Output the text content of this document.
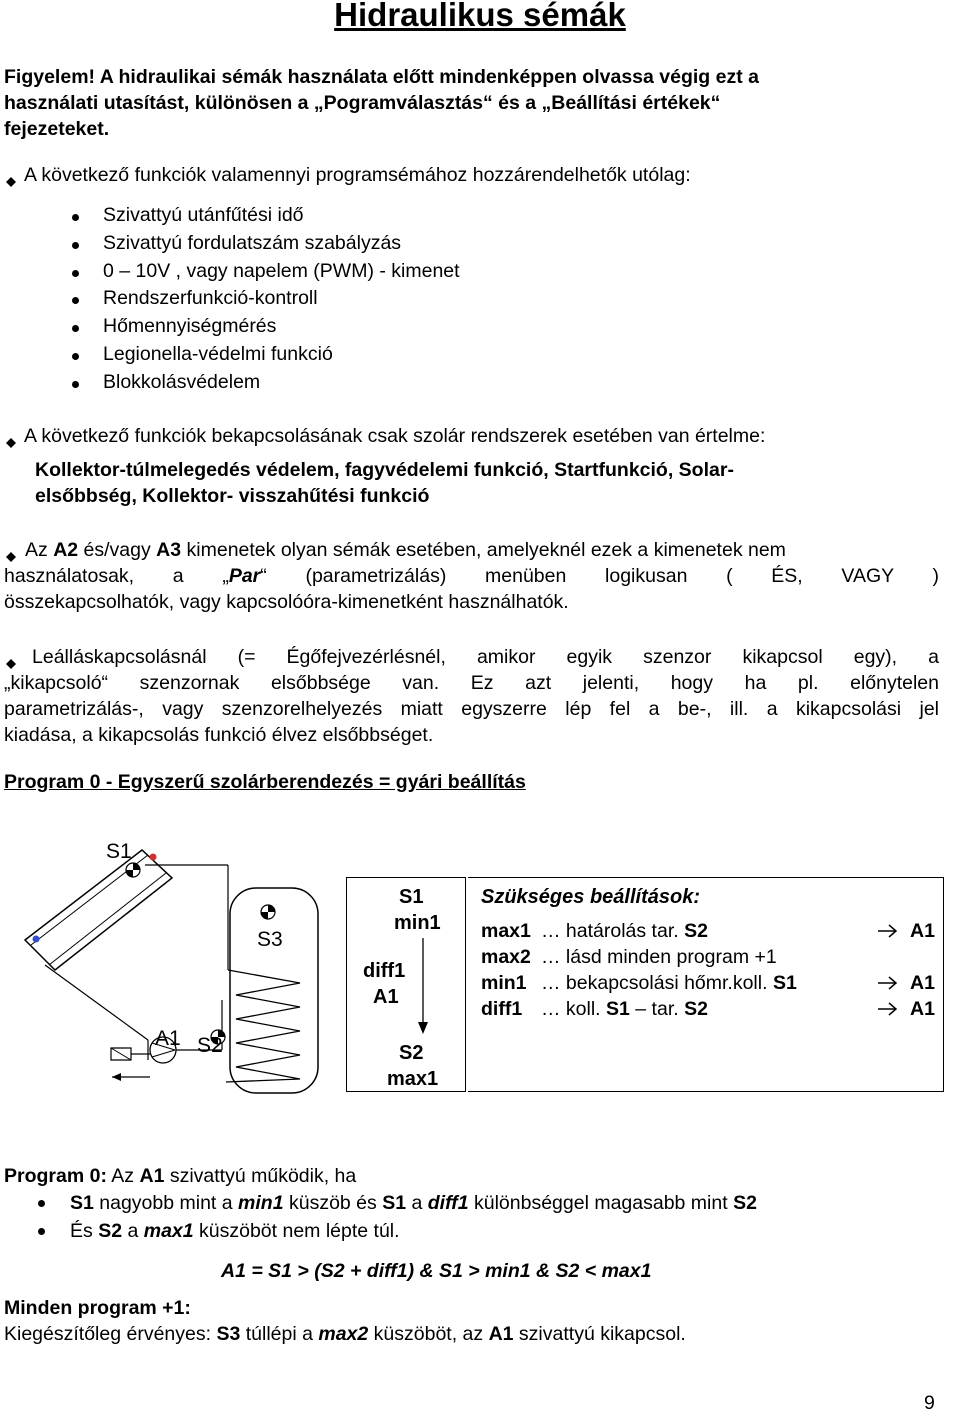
Hidraulikus sémák
Figyelem! A hidraulikai sémák használata előtt mindenképpen olvassa végig ezt a
használati utasítást, különösen a „Pogramválasztás“ és a „Beállítási értékek“
fejezeteket.
A következő funkciók valamennyi programsémához hozzárendelhetők utólag:
Szivattyú utánfűtési idő
Szivattyú fordulatszám szabályzás
0 – 10V , vagy napelem (PWM) - kimenet
Rendszerfunkció-kontroll
Hőmennyiségmérés
Legionella-védelmi funkció
Blokkolásvédelem
A következő funkciók bekapcsolásának csak szolár rendszerek esetében van értelme:
Kollektor-túlmelegedés védelem, fagyvédelemi funkció, Startfunkció, Solar-
elsőbbség, Kollektor- visszahűtési funkció
Az A2 és/vagy A3 kimenetek olyan sémák esetében, amelyeknél ezek a kimenetek nem
használatosak, a „Par“ (parametrizálás) menüben logikusan ( ÉS, VAGY )
összekapcsolhatók, vagy kapcsolóóra-kimenetként használhatók.
Leálláskapcsolásnál (= Égőfejvezérlésnél, amikor egyik szenzor kikapcsol egy), a
„kikapcsoló“ szenzornak elsőbbsége van. Ez azt jelenti, hogy ha pl. előnytelen
parametrizálás-, vagy szenzorelhelyezés miatt egyszerre lép fel a be-, ill. a kikapcsolási jel
kiadása, a kikapcsolás funkció élvez elsőbbséget.
Program 0 - Egyszerű szolárberendezés = gyári beállítás
S1
S3
A1 S2
S1
min1
diff1
A1
S2
max1
Szükséges beállítások:
max1 … határolás tar. S2
max2 … lásd minden program +1
min1 … bekapcsolási hőmr.koll. S1
diff1 … koll. S1 – tar. S2
A1
A1
A1
Program 0: Az A1 szivattyú működik, ha
S1 nagyobb mint a min1 küszöb és S1 a diff1 különbséggel magasabb mint S2
És S2 a max1 küszöböt nem lépte túl.
A1 = S1 > (S2 + diff1) & S1 > min1 & S2 < max1
Minden program +1:
Kiegészítőleg érvényes: S3 túllépi a max2 küszöböt, az A1 szivattyú kikapcsol.
9
